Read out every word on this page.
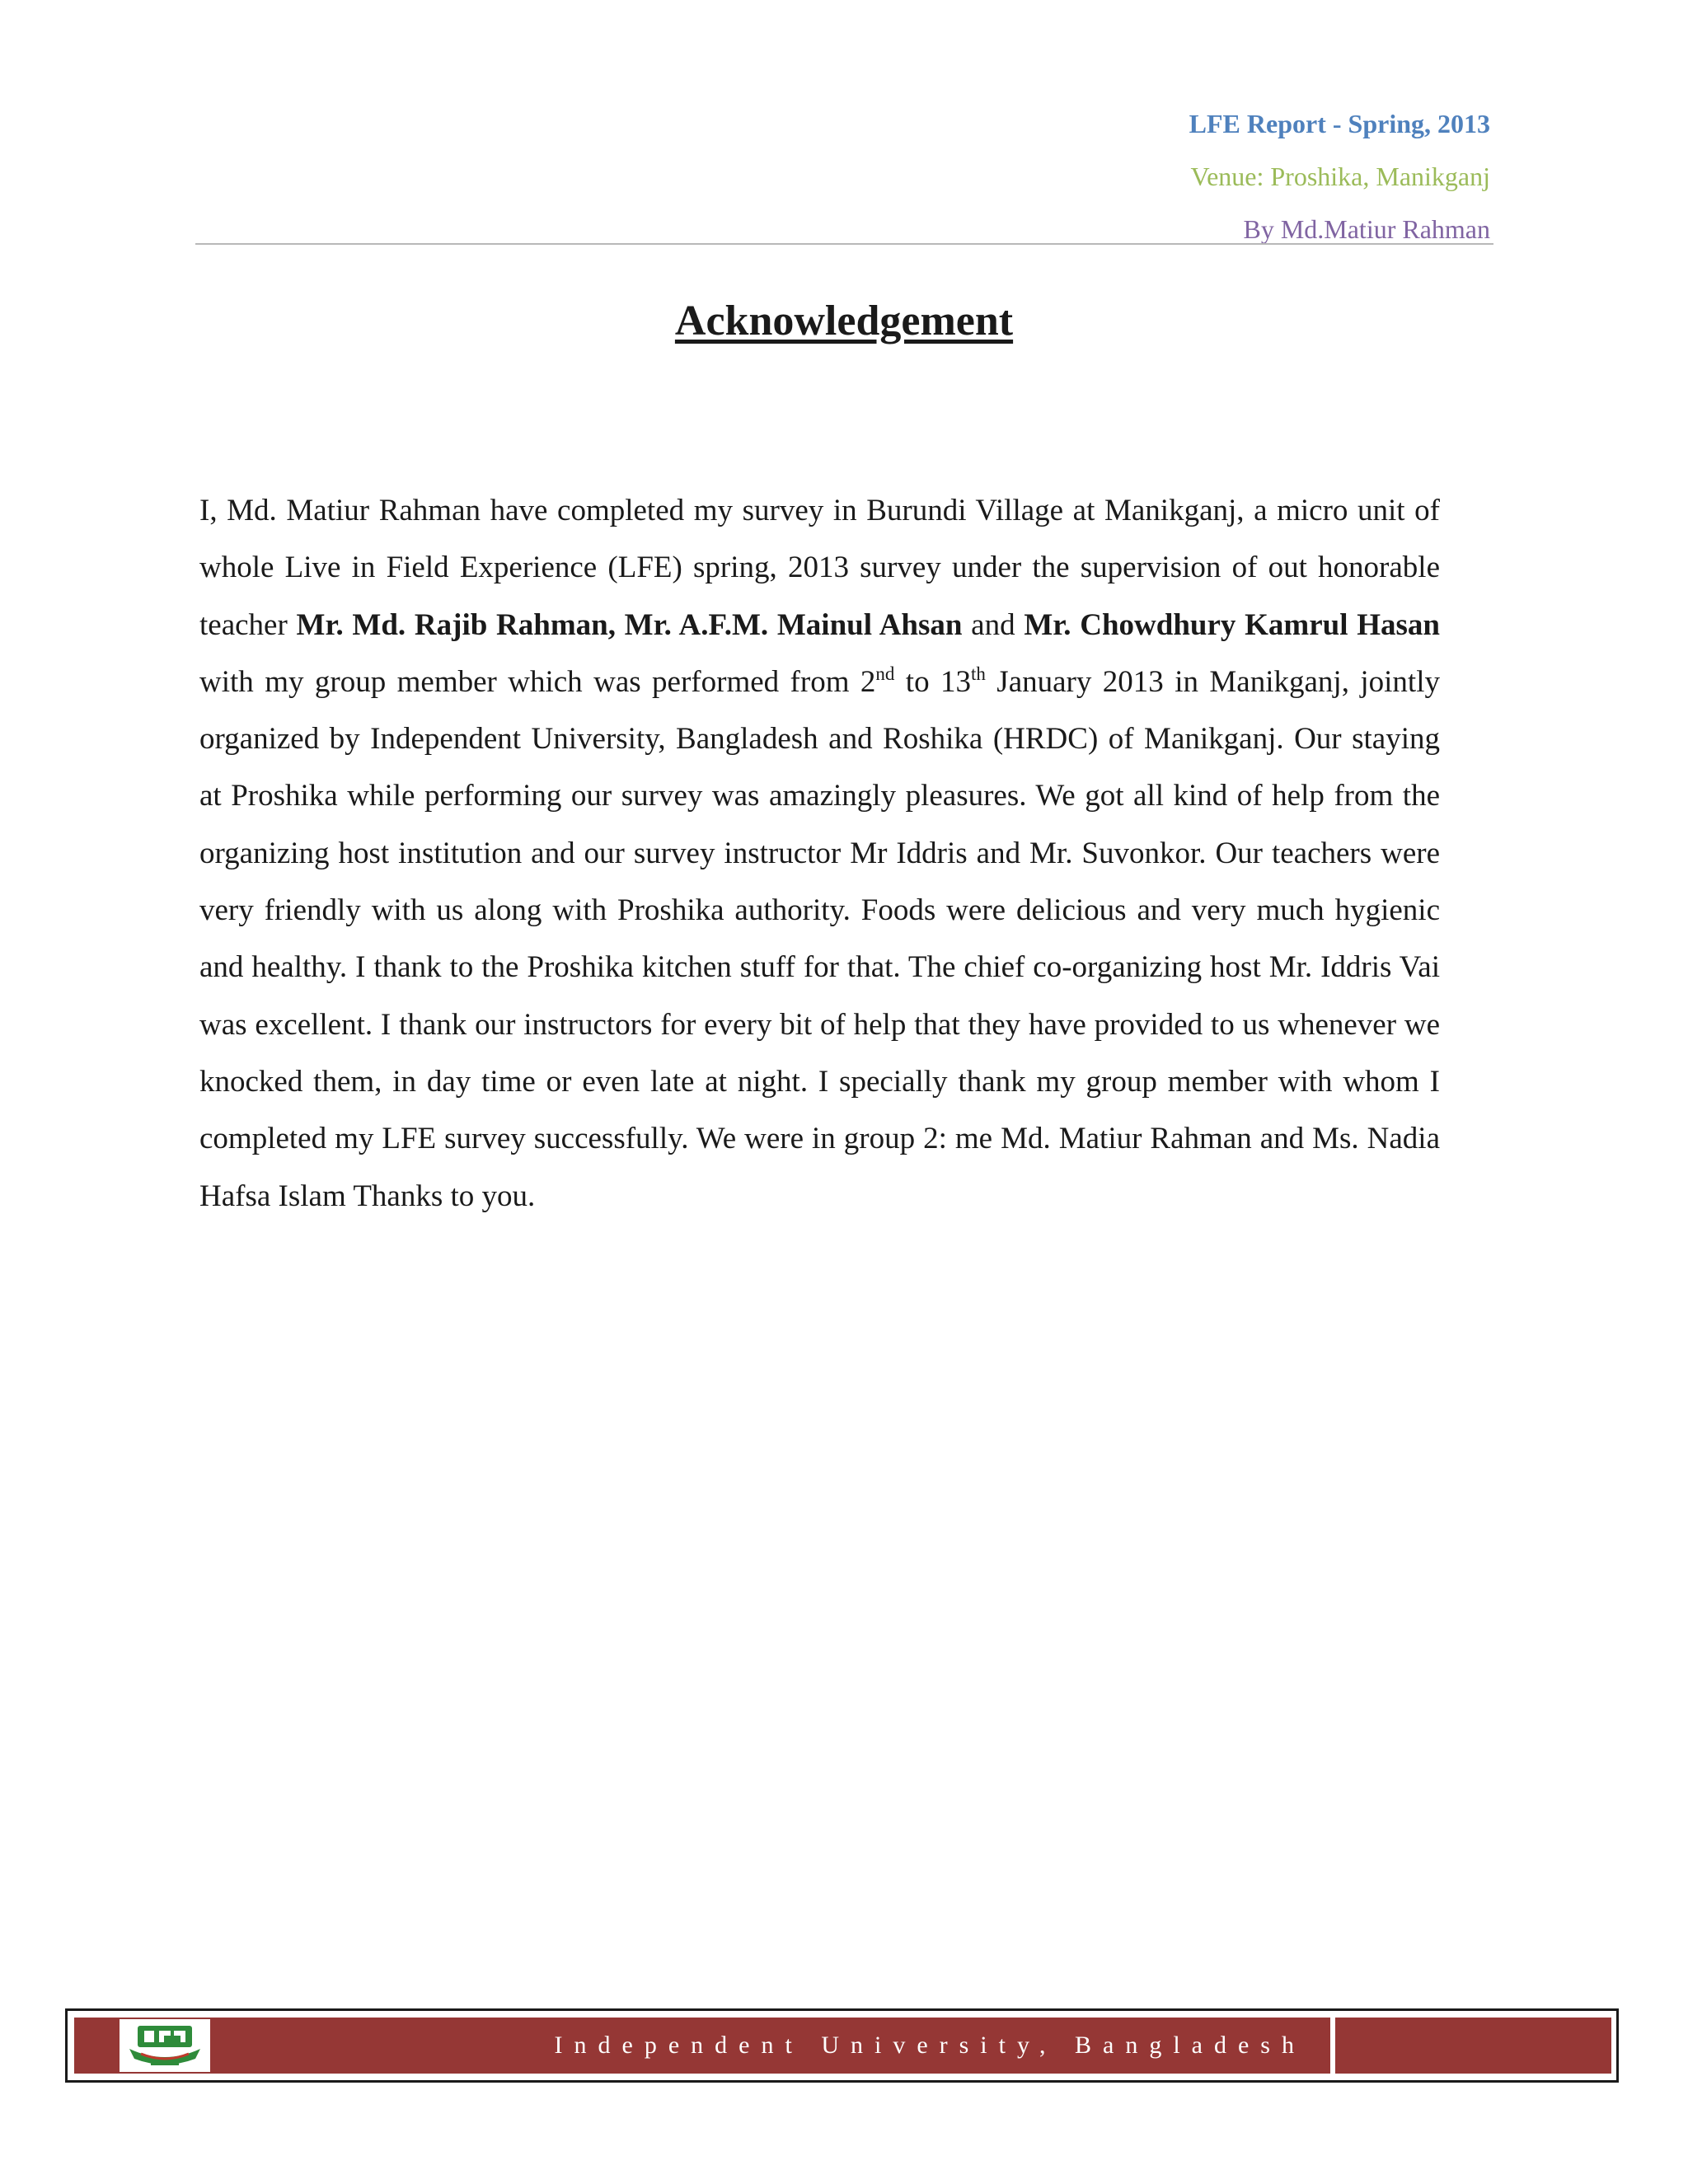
LFE Report - Spring, 2013
Venue: Proshika, Manikganj
By Md.Matiur Rahman
Acknowledgement

I, Md. Matiur Rahman have completed my survey in Burundi Village at Manikganj, a micro unit of whole Live in Field Experience (LFE) spring, 2013 survey under the supervision of out honorable teacher Mr. Md. Rajib Rahman, Mr. A.F.M. Mainul Ahsan and Mr. Chowdhury Kamrul Hasan with my group member which was performed from 2nd to 13th January 2013 in Manikganj, jointly organized by Independent University, Bangladesh and Roshika (HRDC) of Manikganj. Our staying at Proshika while performing our survey was amazingly pleasures. We got all kind of help from the organizing host institution and our survey instructor Mr Iddris and Mr. Suvonkor. Our teachers were very friendly with us along with Proshika authority. Foods were delicious and very much hygienic and healthy. I thank to the Proshika kitchen stuff for that. The chief co-organizing host Mr. Iddris Vai was excellent. I thank our instructors for every bit of help that they have provided to us whenever we knocked them, in day time or even late at night. I specially thank my group member with whom I completed my LFE survey successfully. We were in group 2: me Md. Matiur Rahman and Ms. Nadia Hafsa Islam Thanks to you.

Independent University, Bangladesh
